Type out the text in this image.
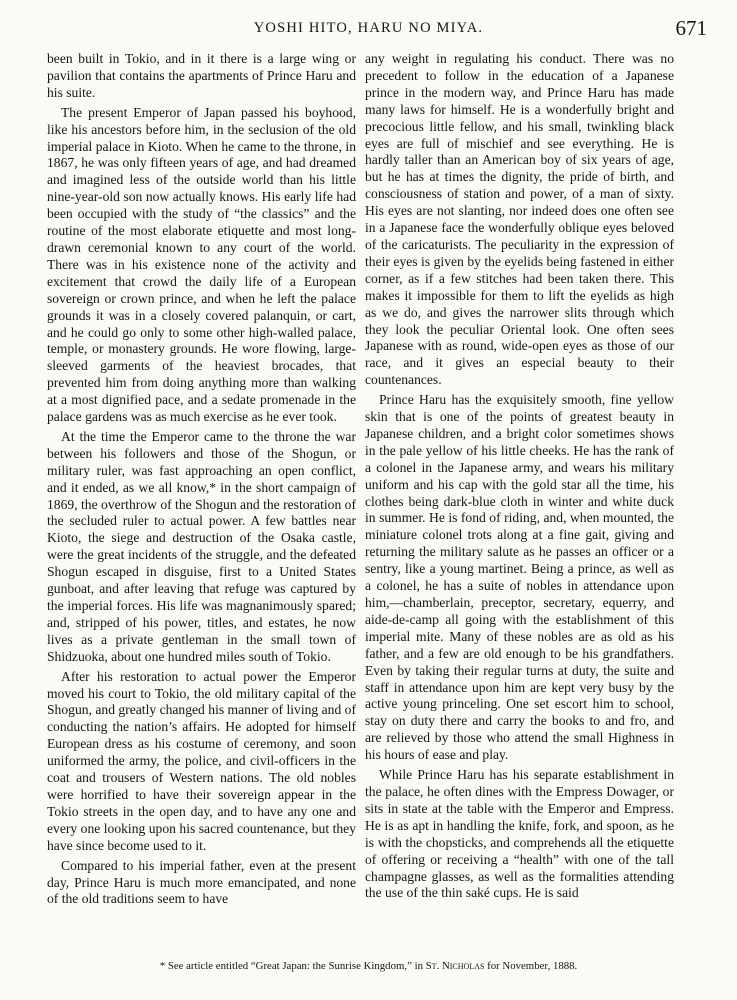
YOSHI HITO, HARU NO MIYA.	671

been built in Tokio, and in it there is a large wing or pavilion that contains the apartments of Prince Haru and his suite.

The present Emperor of Japan passed his boyhood, like his ancestors before him, in the seclusion of the old imperial palace in Kioto. When he came to the throne, in 1867, he was only fifteen years of age, and had dreamed and imagined less of the outside world than his little nine-year-old son now actually knows. His early life had been occupied with the study of “the classics” and the routine of the most elaborate etiquette and most long-drawn ceremonial known to any court of the world. There was in his existence none of the activity and excitement that crowd the daily life of a European sovereign or crown prince, and when he left the palace grounds it was in a closely covered palanquin, or cart, and he could go only to some other high-walled palace, temple, or monastery grounds. He wore flowing, large-sleeved garments of the heaviest brocades, that prevented him from doing anything more than walking at a most dignified pace, and a sedate promenade in the palace gardens was as much exercise as he ever took.

At the time the Emperor came to the throne the war between his followers and those of the Shogun, or military ruler, was fast approaching an open conflict, and it ended, as we all know,* in the short campaign of 1869, the overthrow of the Shogun and the restoration of the secluded ruler to actual power. A few battles near Kioto, the siege and destruction of the Osaka castle, were the great incidents of the struggle, and the defeated Shogun escaped in disguise, first to a United States gunboat, and after leaving that refuge was captured by the imperial forces. His life was magnanimously spared; and, stripped of his power, titles, and estates, he now lives as a private gentleman in the small town of Shidzuoka, about one hundred miles south of Tokio.

After his restoration to actual power the Emperor moved his court to Tokio, the old military capital of the Shogun, and greatly changed his manner of living and of conducting the nation’s affairs. He adopted for himself European dress as his costume of ceremony, and soon uniformed the army, the police, and civil-officers in the coat and trousers of Western nations. The old nobles were horrified to have their sovereign appear in the Tokio streets in the open day, and to have any one and every one looking upon his sacred countenance, but they have since become used to it.

Compared to his imperial father, even at the present day, Prince Haru is much more emancipated, and none of the old traditions seem to have

any weight in regulating his conduct. There was no precedent to follow in the education of a Japanese prince in the modern way, and Prince Haru has made many laws for himself. He is a wonderfully bright and precocious little fellow, and his small, twinkling black eyes are full of mischief and see everything. He is hardly taller than an American boy of six years of age, but he has at times the dignity, the pride of birth, and consciousness of station and power, of a man of sixty. His eyes are not slanting, nor indeed does one often see in a Japanese face the wonderfully oblique eyes beloved of the caricaturists. The peculiarity in the expression of their eyes is given by the eyelids being fastened in either corner, as if a few stitches had been taken there. This makes it impossible for them to lift the eyelids as high as we do, and gives the narrower slits through which they look the peculiar Oriental look. One often sees Japanese with as round, wide-open eyes as those of our race, and it gives an especial beauty to their countenances.

Prince Haru has the exquisitely smooth, fine yellow skin that is one of the points of greatest beauty in Japanese children, and a bright color sometimes shows in the pale yellow of his little cheeks. He has the rank of a colonel in the Japanese army, and wears his military uniform and his cap with the gold star all the time, his clothes being dark-blue cloth in winter and white duck in summer. He is fond of riding, and, when mounted, the miniature colonel trots along at a fine gait, giving and returning the military salute as he passes an officer or a sentry, like a young martinet. Being a prince, as well as a colonel, he has a suite of nobles in attendance upon him,—chamberlain, preceptor, secretary, equerry, and aide-de-camp all going with the establishment of this imperial mite. Many of these nobles are as old as his father, and a few are old enough to be his grandfathers. Even by taking their regular turns at duty, the suite and staff in attendance upon him are kept very busy by the active young princeling. One set escort him to school, stay on duty there and carry the books to and fro, and are relieved by those who attend the small Highness in his hours of ease and play.

While Prince Haru has his separate establishment in the palace, he often dines with the Empress Dowager, or sits in state at the table with the Emperor and Empress. He is as apt in handling the knife, fork, and spoon, as he is with the chopsticks, and comprehends all the etiquette of offering or receiving a “health” with one of the tall champagne glasses, as well as the formalities attending the use of the thin saké cups. He is said

* See article entitled “Great Japan: the Sunrise Kingdom,” in St. Nicholas for November, 1888.
